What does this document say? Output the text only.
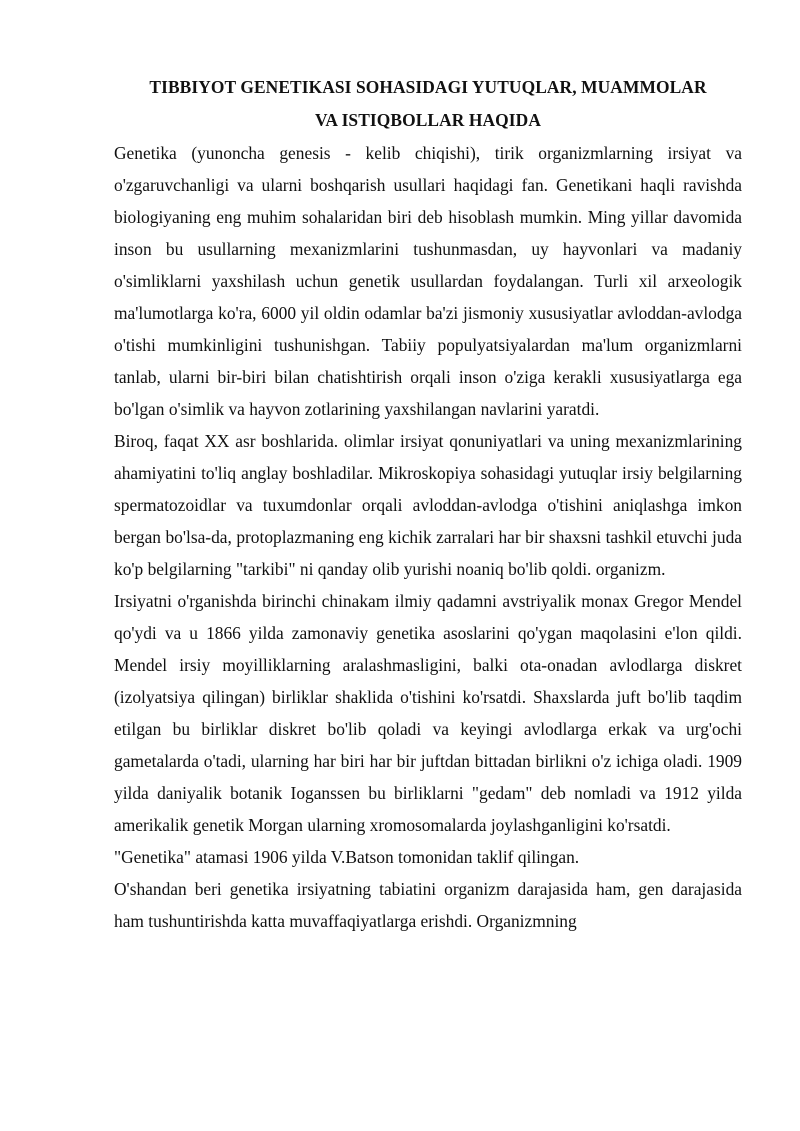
TIBBIYOT GENETIKASI SOHASIDAGI YUTUQLAR, MUAMMOLAR
VA ISTIQBOLLAR HAQIDA

Genetika (yunoncha genesis - kelib chiqishi), tirik organizmlarning irsiyat va o'zgaruvchanligi va ularni boshqarish usullari haqidagi fan. Genetikani haqli ravishda biologiyaning eng muhim sohalaridan biri deb hisoblash mumkin. Ming yillar davomida inson bu usullarning mexanizmlarini tushunmasdan, uy hayvonlari va madaniy o'simliklarni yaxshilash uchun genetik usullardan foydalangan. Turli xil arxeologik ma'lumotlarga ko'ra, 6000 yil oldin odamlar ba'zi jismoniy xususiyatlar avloddan-avlodga o'tishi mumkinligini tushunishgan. Tabiiy populyatsiyalardan ma'lum organizmlarni tanlab, ularni bir-biri bilan chatishtirish orqali inson o'ziga kerakli xususiyatlarga ega bo'lgan o'simlik va hayvon zotlarining yaxshilangan navlarini yaratdi.

Biroq, faqat XX asr boshlarida. olimlar irsiyat qonuniyatlari va uning mexanizmlarining ahamiyatini to'liq anglay boshladilar. Mikroskopiya sohasidagi yutuqlar irsiy belgilarning spermatozoidlar va tuxumdonlar orqali avloddan-avlodga o'tishini aniqlashga imkon bergan bo'lsa-da, protoplazmaning eng kichik zarralari har bir shaxsni tashkil etuvchi juda ko'p belgilarning "tarkibi" ni qanday olib yurishi noaniq bo'lib qoldi. organizm.

Irsiyatni o'rganishda birinchi chinakam ilmiy qadamni avstriyalik monax Gregor Mendel qo'ydi va u 1866 yilda zamonaviy genetika asoslarini qo'ygan maqolasini e'lon qildi. Mendel irsiy moyilliklarning aralashmasligini, balki ota-onadan avlodlarga diskret (izolyatsiya qilingan) birliklar shaklida o'tishini ko'rsatdi. Shaxslarda juft bo'lib taqdim etilgan bu birliklar diskret bo'lib qoladi va keyingi avlodlarga erkak va urg'ochi gametalarda o'tadi, ularning har biri har bir juftdan bittadan birlikni o'z ichiga oladi. 1909 yilda daniyalik botanik Ioganssen bu birliklarni "gedam" deb nomladi va 1912 yilda amerikalik genetik Morgan ularning xromosomalarda joylashganligini ko'rsatdi.

"Genetika" atamasi 1906 yilda V.Batson tomonidan taklif qilingan.

O'shandan beri genetika irsiyatning tabiatini organizm darajasida ham, gen darajasida ham tushuntirishda katta muvaffaqiyatlarga erishdi. Organizmning
